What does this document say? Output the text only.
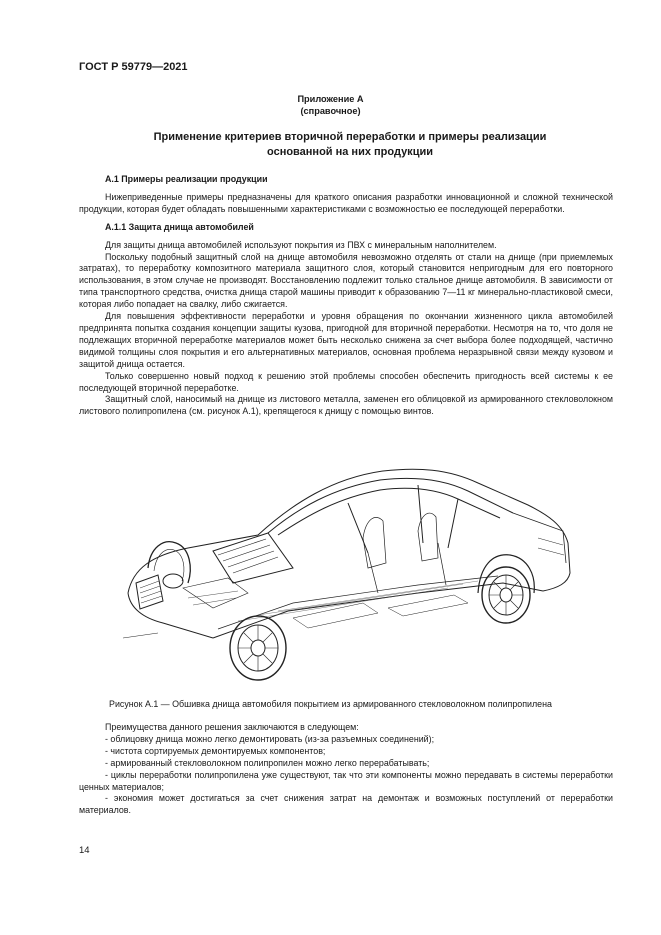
ГОСТ Р 59779—2021
Приложение А
(справочное)
Применение критериев вторичной переработки и примеры реализации
основанной на них продукции

А.1 Примеры реализации продукции

Нижеприведенные примеры предназначены для краткого описания разработки инновационной и сложной технической продукции, которая будет обладать повышенными характеристиками с возможностью ее последующей переработки.

А.1.1 Защита днища автомобилей

Для защиты днища автомобилей используют покрытия из ПВХ с минеральным наполнителем.

Поскольку подобный защитный слой на днище автомобиля невозможно отделять от стали на днище (при приемлемых затратах), то переработку композитного материала защитного слоя, который становится непригодным для его повторного использования, в этом случае не производят. Восстановлению подлежит только стальное днище автомобиля. В зависимости от типа транспортного средства, очистка днища старой машины приводит к образованию 7—11 кг минерально-пластиковой смеси, которая либо попадает на свалку, либо сжигается.

Для повышения эффективности переработки и уровня обращения по окончании жизненного цикла автомобилей предпринята попытка создания концепции защиты кузова, пригодной для вторичной переработки. Несмотря на то, что доля не подлежащих вторичной переработке материалов может быть несколько снижена за счет выбора более подходящей, частично видимой толщины слоя покрытия и его альтернативных материалов, основная проблема неразрывной связи между кузовом и защитой днища остается.

Только совершенно новый подход к решению этой проблемы способен обеспечить пригодность всей системы к ее последующей вторичной переработке.

Защитный слой, наносимый на днище из листового металла, заменен его облицовкой из армированного стекловолокном листового полипропилена (см. рисунок А.1), крепящегося к днищу с помощью винтов.

Рисунок А.1 — Обшивка днища автомобиля покрытием из армированного стекловолокном полипропилена

Преимущества данного решения заключаются в следующем:

- облицовку днища можно легко демонтировать (из-за разъемных соединений);

- чистота сортируемых демонтируемых компонентов;

- армированный стекловолокном полипропилен можно легко перерабатывать;

- циклы переработки полипропилена уже существуют, так что эти компоненты можно передавать в системы переработки ценных материалов;

- экономия может достигаться за счет снижения затрат на демонтаж и возможных поступлений от переработки материалов.

14
